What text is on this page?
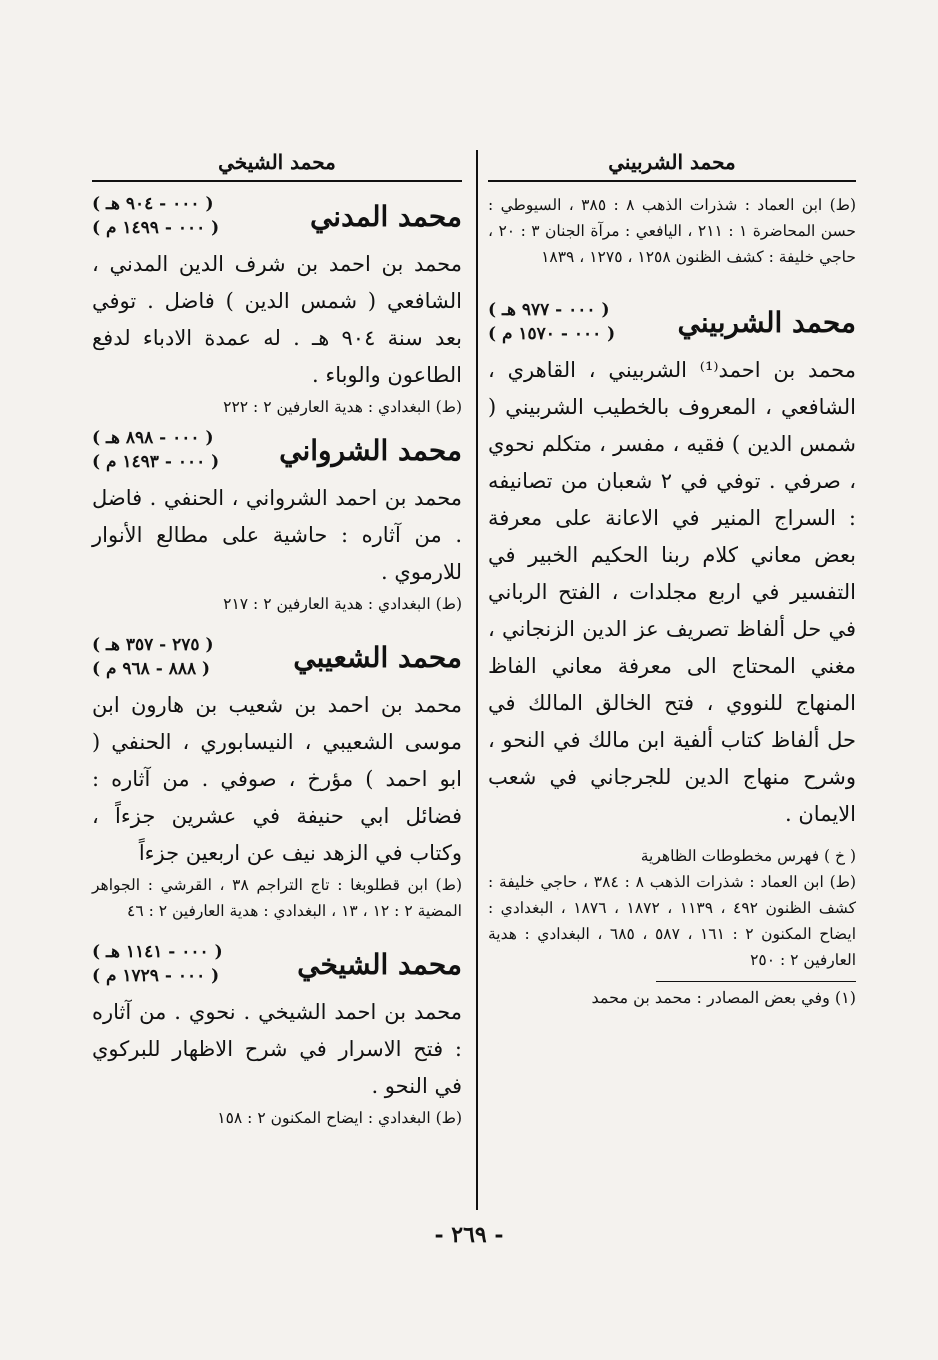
محمد الشربيني
(ط) ابن العماد : شذرات الذهب ٨ : ٣٨٥ ، السيوطي : حسن المحاضرة ١ : ٢١١ ، اليافعي : مرآة الجنان ٣ : ٢٠ ، حاجي خليفة : كشف الظنون ١٢٥٨ ، ١٢٧٥ ، ١٨٣٩
محمد الشربيني
( ٠٠٠ - ٩٧٧ هـ )
( ٠٠٠ - ١٥٧٠ م )
محمد بن احمد⁽¹⁾ الشربيني ، القاهري ، الشافعي ، المعروف بالخطيب الشربيني ( شمس الدين ) فقيه ، مفسر ، متكلم نحوي ، صرفي . توفي في ٢ شعبان من تصانيفه : السراج المنير في الاعانة على معرفة بعض معاني كلام ربنا الحكيم الخبير في التفسير في اربع مجلدات ، الفتح الرباني في حل ألفاظ تصريف عز الدين الزنجاني ، مغني المحتاج الى معرفة معاني الفاظ المنهاج للنووي ، فتح الخالق المالك في حل ألفاظ كتاب ألفية ابن مالك في النحو ، وشرح منهاج الدين للجرجاني في شعب الايمان .
( خ ) فهرس مخطوطات الظاهرية
(ط) ابن العماد : شذرات الذهب ٨ : ٣٨٤ ، حاجي خليفة : كشف الظنون ٤٩٢ ، ١١٣٩ ، ١٨٧٢ ، ١٨٧٦ ، البغدادي : ايضاح المكنون ٢ : ١٦١ ، ٥٨٧ ، ٦٨٥ ، البغدادي : هدية العارفين ٢ : ٢٥٠
(١) وفي بعض المصادر : محمد بن محمد
محمد الشيخي
محمد المدني
( ٠٠٠ - ٩٠٤ هـ )
( ٠٠٠ - ١٤٩٩ م )
محمد بن احمد بن شرف الدين المدني ، الشافعي ( شمس الدين ) فاضل . توفي بعد سنة ٩٠٤ هـ . له عمدة الادباء لدفع الطاعون والوباء .
(ط) البغدادي : هدية العارفين ٢ : ٢٢٢
محمد الشرواني
( ٠٠٠ - ٨٩٨ هـ )
( ٠٠٠ - ١٤٩٣ م )
محمد بن احمد الشرواني ، الحنفي . فاضل . من آثاره : حاشية على مطالع الأنوار للارموي .
(ط) البغدادي : هدية العارفين ٢ : ٢١٧
محمد الشعيبي
( ٢٧٥ - ٣٥٧ هـ )
( ٨٨٨ - ٩٦٨ م )
محمد بن احمد بن شعيب بن هارون ابن موسى الشعيبي ، النيسابوري ، الحنفي ( ابو احمد ) مؤرخ ، صوفي . من آثاره : فضائل ابي حنيفة في عشرين جزءاً ، وكتاب في الزهد نيف عن اربعين جزءاً
(ط) ابن قطلوبغا : تاج التراجم ٣٨ ، القرشي : الجواهر المضية ٢ : ١٢ ، ١٣ ، البغدادي : هدية العارفين ٢ : ٤٦
محمد الشيخي
( ٠٠٠ - ١١٤١ هـ )
( ٠٠٠ - ١٧٢٩ م )
محمد بن احمد الشيخي . نحوي . من آثاره : فتح الاسرار في شرح الاظهار للبركوي في النحو .
(ط) البغدادي : ايضاح المكنون ٢ : ١٥٨
- ٢٦٩ -
